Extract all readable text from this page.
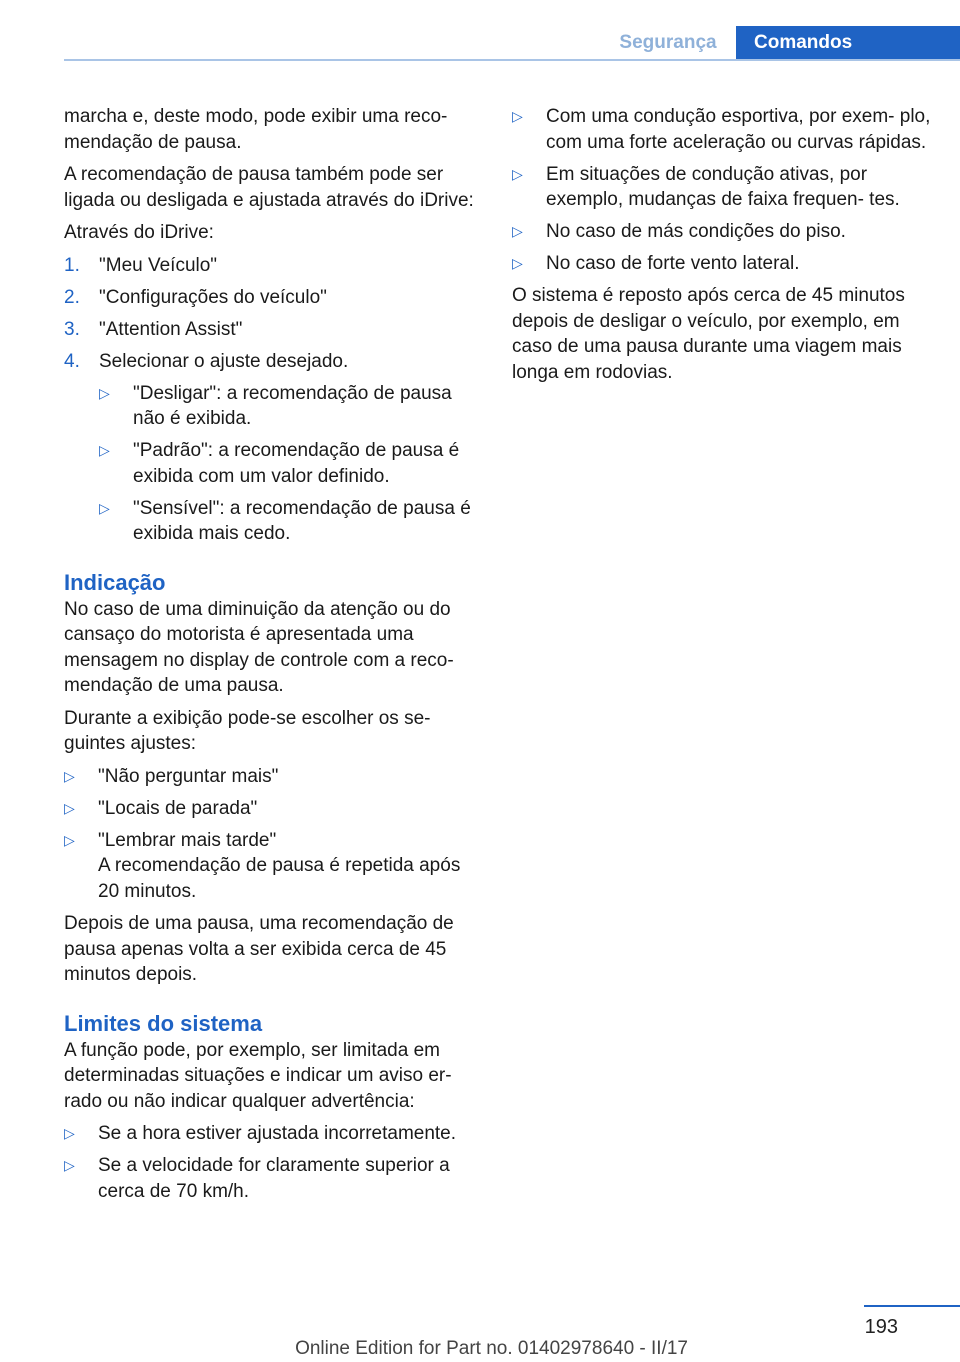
Segurança	Comandos

marcha e, deste modo, pode exibir uma reco‐ mendação de pausa.

A recomendação de pausa também pode ser ligada ou desligada e ajustada através do iDrive:

Através do iDrive:

1.	"Meu Veículo"
2.	"Configurações do veículo"
3.	"Attention Assist"
4.	Selecionar o ajuste desejado.
▷	"Desligar": a recomendação de pausa não é exibida.
▷	"Padrão": a recomendação de pausa é exibida com um valor definido.
▷	"Sensível": a recomendação de pausa é exibida mais cedo.
Indicação

No caso de uma diminuição da atenção ou do cansaço do motorista é apresentada uma mensagem no display de controle com a reco‐ mendação de uma pausa.

Durante a exibição pode-se escolher os se‐ guintes ajustes:

▷	"Não perguntar mais"
▷	"Locais de parada"
▷	"Lembrar mais tarde"

A recomendação de pausa é repetida após 20 minutos.

Depois de uma pausa, uma recomendação de pausa apenas volta a ser exibida cerca de 45 minutos depois.

Limites do sistema

A função pode, por exemplo, ser limitada em determinadas situações e indicar um aviso er‐ rado ou não indicar qualquer advertência:

▷	Se a hora estiver ajustada incorretamente.
▷	Se a velocidade for claramente superior a cerca de 70 km/h.
▷	Com uma condução esportiva, por exem‐ plo, com uma forte aceleração ou curvas rápidas.
▷	Em situações de condução ativas, por exemplo, mudanças de faixa frequen‐ tes.
▷	No caso de más condições do piso.
▷	No caso de forte vento lateral.

O sistema é reposto após cerca de 45 minutos depois de desligar o veículo, por exemplo, em caso de uma pausa durante uma viagem mais longa em rodovias.

193
Online Edition for Part no. 01402978640 - II/17
